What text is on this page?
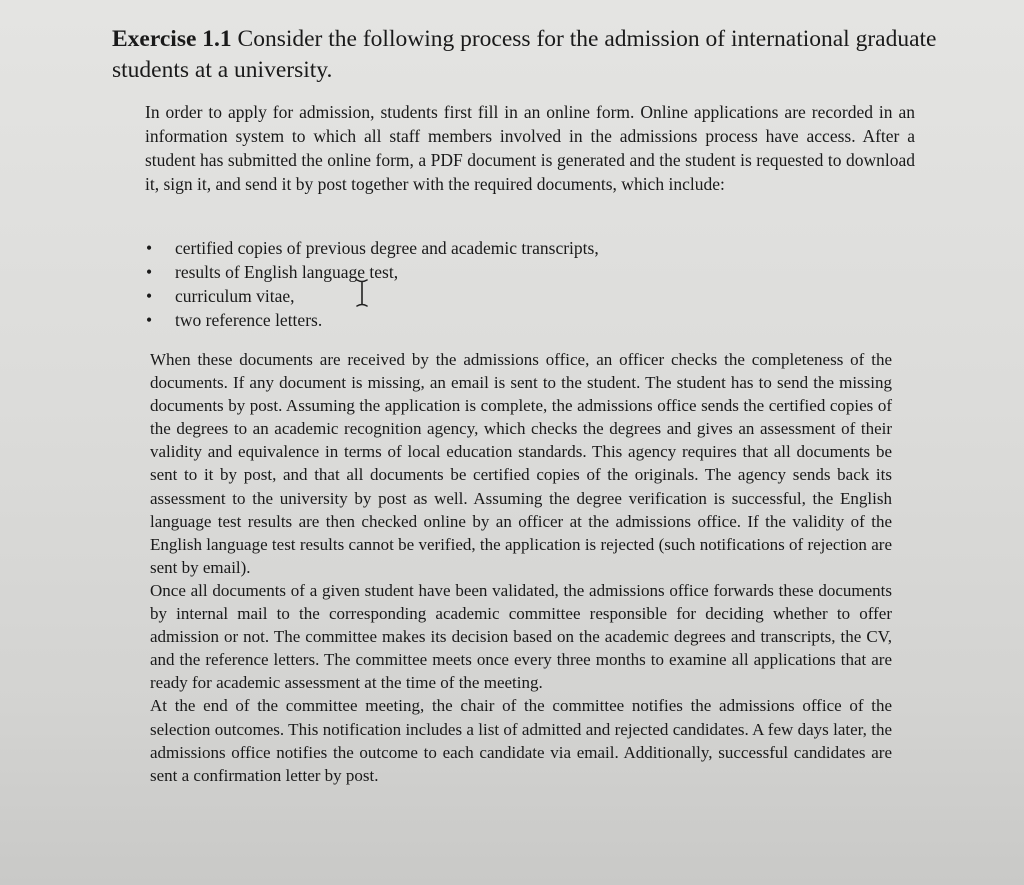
Exercise 1.1 Consider the following process for the admission of international graduate students at a university.
In order to apply for admission, students first fill in an online form. Online applications are recorded in an information system to which all staff members involved in the admissions process have access. After a student has submitted the online form, a PDF document is generated and the student is requested to download it, sign it, and send it by post together with the required documents, which include:
• certified copies of previous degree and academic transcripts,
• results of English language test,
• curriculum vitae,
• two reference letters.

When these documents are received by the admissions office, an officer checks the completeness of the documents. If any document is missing, an email is sent to the student. The student has to send the missing documents by post. Assuming the application is complete, the admissions office sends the certified copies of the degrees to an academic recognition agency, which checks the degrees and gives an assessment of their validity and equivalence in terms of local education standards. This agency requires that all documents be sent to it by post, and that all documents be certified copies of the originals. The agency sends back its assessment to the university by post as well. Assuming the degree verification is successful, the English language test results are then checked online by an officer at the admissions office. If the validity of the English language test results cannot be verified, the application is rejected (such notifications of rejection are sent by email).

Once all documents of a given student have been validated, the admissions office forwards these documents by internal mail to the corresponding academic committee responsible for deciding whether to offer admission or not. The committee makes its decision based on the academic degrees and transcripts, the CV, and the reference letters. The committee meets once every three months to examine all applications that are ready for academic assessment at the time of the meeting.

At the end of the committee meeting, the chair of the committee notifies the admissions office of the selection outcomes. This notification includes a list of admitted and rejected candidates. A few days later, the admissions office notifies the outcome to each candidate via email. Additionally, successful candidates are sent a confirmation letter by post.
